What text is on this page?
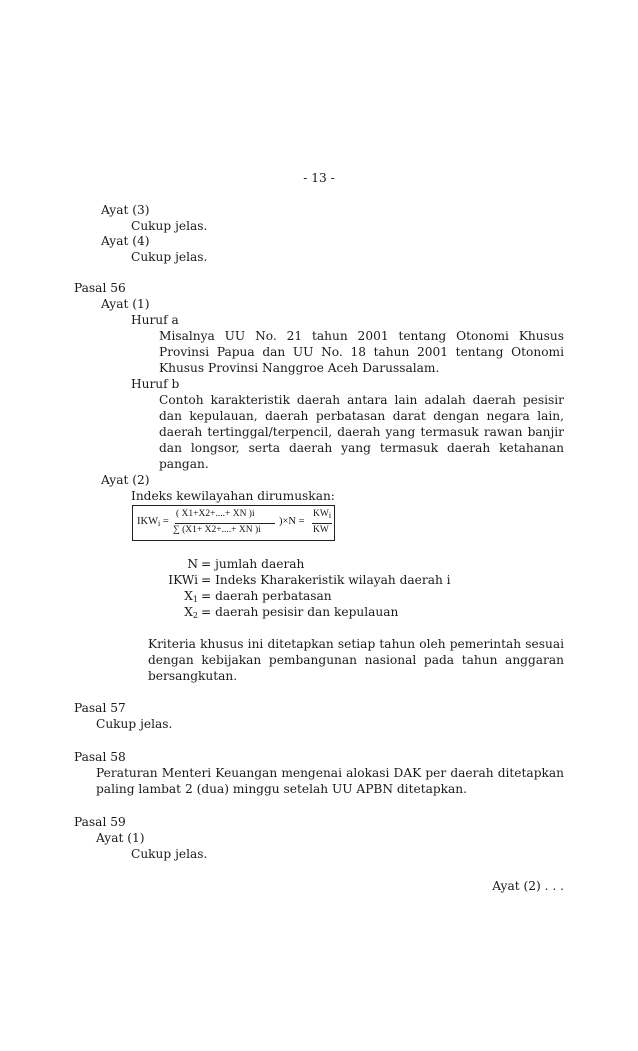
- 13 -
Ayat (3)
Cukup jelas.
Ayat (4)
Cukup jelas.
Pasal 56
Ayat (1)
Huruf a
Misalnya UU No. 21 tahun 2001 tentang Otonomi Khusus
Provinsi Papua dan UU No. 18 tahun 2001 tentang Otonomi
Khusus Provinsi Nanggroe Aceh Darussalam.
Huruf b
Contoh karakteristik daerah antara lain adalah daerah pesisir
dan kepulauan, daerah perbatasan darat dengan negara lain,
daerah tertinggal/terpencil, daerah yang termasuk rawan banjir
dan longsor, serta daerah yang termasuk daerah ketahanan
pangan.
Ayat (2)
Indeks kewilayahan dirumuskan:
$IKW_i$ =
( X1+X2+....+ XN )i
∑ (X1+ X2+....+ XN )i
)×N =
$KW_i$
KW
N = jumlah daerah
IKWi = Indeks Kharakeristik wilayah daerah i
$X_1$ = daerah perbatasan
$X_2$ = daerah pesisir dan kepulauan
Kriteria khusus ini ditetapkan setiap tahun oleh pemerintah sesuai
dengan kebijakan pembangunan nasional pada tahun anggaran
bersangkutan.
Pasal 57
Cukup jelas.
Pasal 58
Peraturan Menteri Keuangan mengenai alokasi DAK per daerah ditetapkan
paling lambat 2 (dua) minggu setelah UU APBN ditetapkan.
Pasal 59
Ayat (1)
Cukup jelas.
Ayat (2) . . .
